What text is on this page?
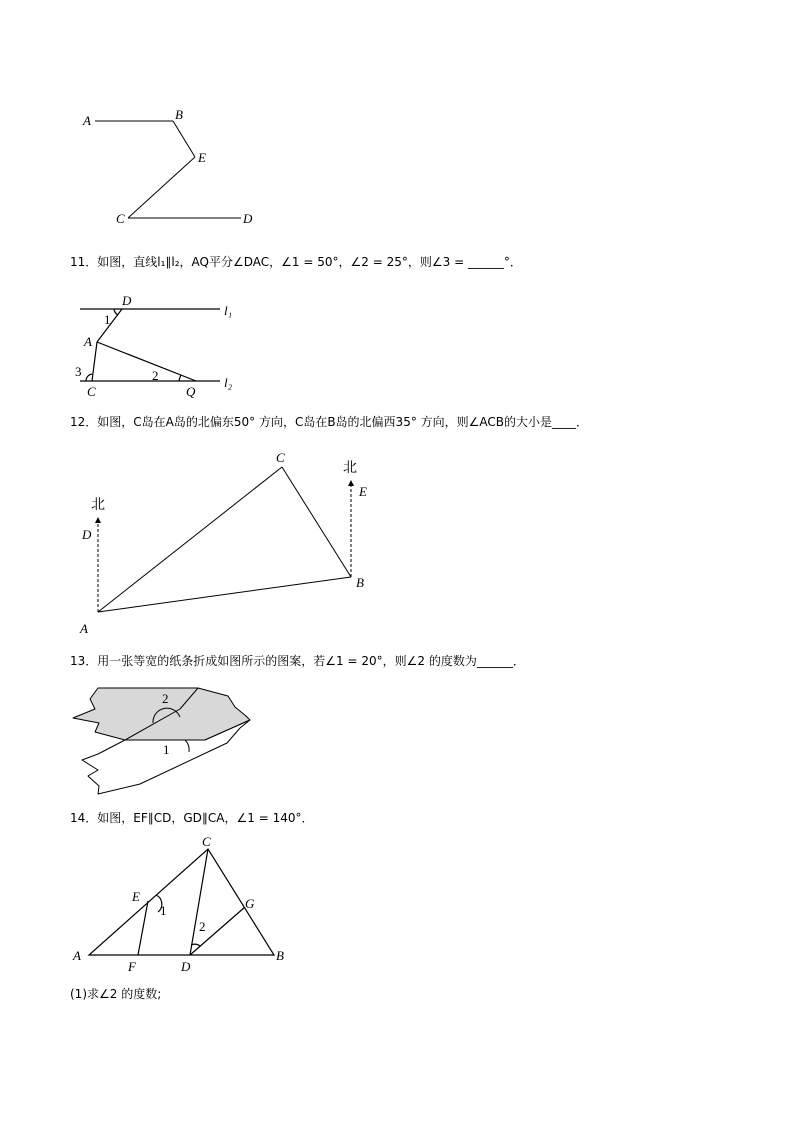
A	B
E
C	D
11．如图，直线l₁∥l₂，AQ平分∠DAC，∠1 = 50°，∠2 = 25°，则∠3 = ______°．
D
l₁
1
A
3
C
2
Q
l₂
12．如图，C岛在A岛的北偏东50° 方向，C岛在B岛的北偏西35° 方向，则∠ACB的大小是____．
C
北
E
北
D
B
A
13．用一张等宽的纸条折成如图所示的图案，若∠1 = 20°，则∠2 的度数为______．
2
1
14．如图，EF∥CD，GD∥CA，∠1 = 140°．
C
E
1	G
2
A
F	D
B
(1)求∠2 的度数;
